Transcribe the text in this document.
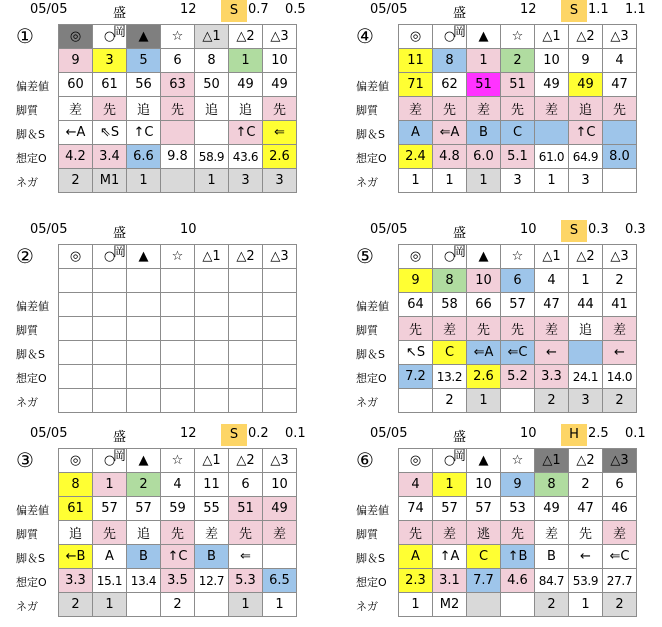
05/05	盛岡
12	S 0.7 0.5
①
偏差値
脚質
脚＆S
想定O
ネガ
◎	○	▲	☆	△1	△2	△3
9	3	5	6	8	1	10
60	61	56	63	50	49	49
差	先	追	先	追	追	先
←A	⇖S	↑C			↑C	⇐
4.2	3.4	6.6	9.8	58.9	43.6	2.6
2	M1	1		1	3	3
05/05	盛岡
12	S 1.1 1.1
④
偏差値
脚質
脚＆S
想定O
ネガ
◎	○	▲	☆	△1	△2	△3
11	8	1	2	10	9	4
71	62	51	51	49	49	47
差	先	差	先	差	追	先
A	⇐A	B	C		↑C	
2.4	4.8	6.0	5.1	61.0	64.9	8.0
1	1	1	3	1	3	
05/05	盛岡
10
②
偏差値
脚質
脚＆S
想定O
ネガ
◎	○	▲	☆	△1	△2	△3

05/05	盛岡
10	S 0.3 0.3
⑤
偏差値
脚質
脚＆S
想定O
ネガ
◎	○	▲	☆	△1	△2	△3
9	8	10	6	4	1	2
64	58	66	57	47	44	41
先	差	先	先	差	追	差
↖S	C	⇐A	⇐C	←		←
7.2	13.2	2.6	5.2	3.3	24.1	14.0
	2	1		2	3	2
05/05	盛岡
12	S 0.2 0.1
③
偏差値
脚質
脚＆S
想定O
ネガ
◎	○	▲	☆	△1	△2	△3
8	1	2	4	11	6	10
61	57	57	59	55	51	49
追	先	追	先	差	先	差
←B	A	B	↑C	B	⇐	
3.3	15.1	13.4	3.5	12.7	5.3	6.5
2	1		2		1	1
05/05	盛岡
10	H 2.5 0.1
⑥
偏差値
脚質
脚＆S
想定O
ネガ
◎	○	▲	☆	△1	△2	△3
4	1	10	9	8	2	6
74	57	57	53	49	47	46
先	差	逃	先	差	先	差
A	↑A	C	↑B	B	←	⇐C
2.3	3.1	7.7	4.6	84.7	53.9	27.7
1	M2			2	1	2
